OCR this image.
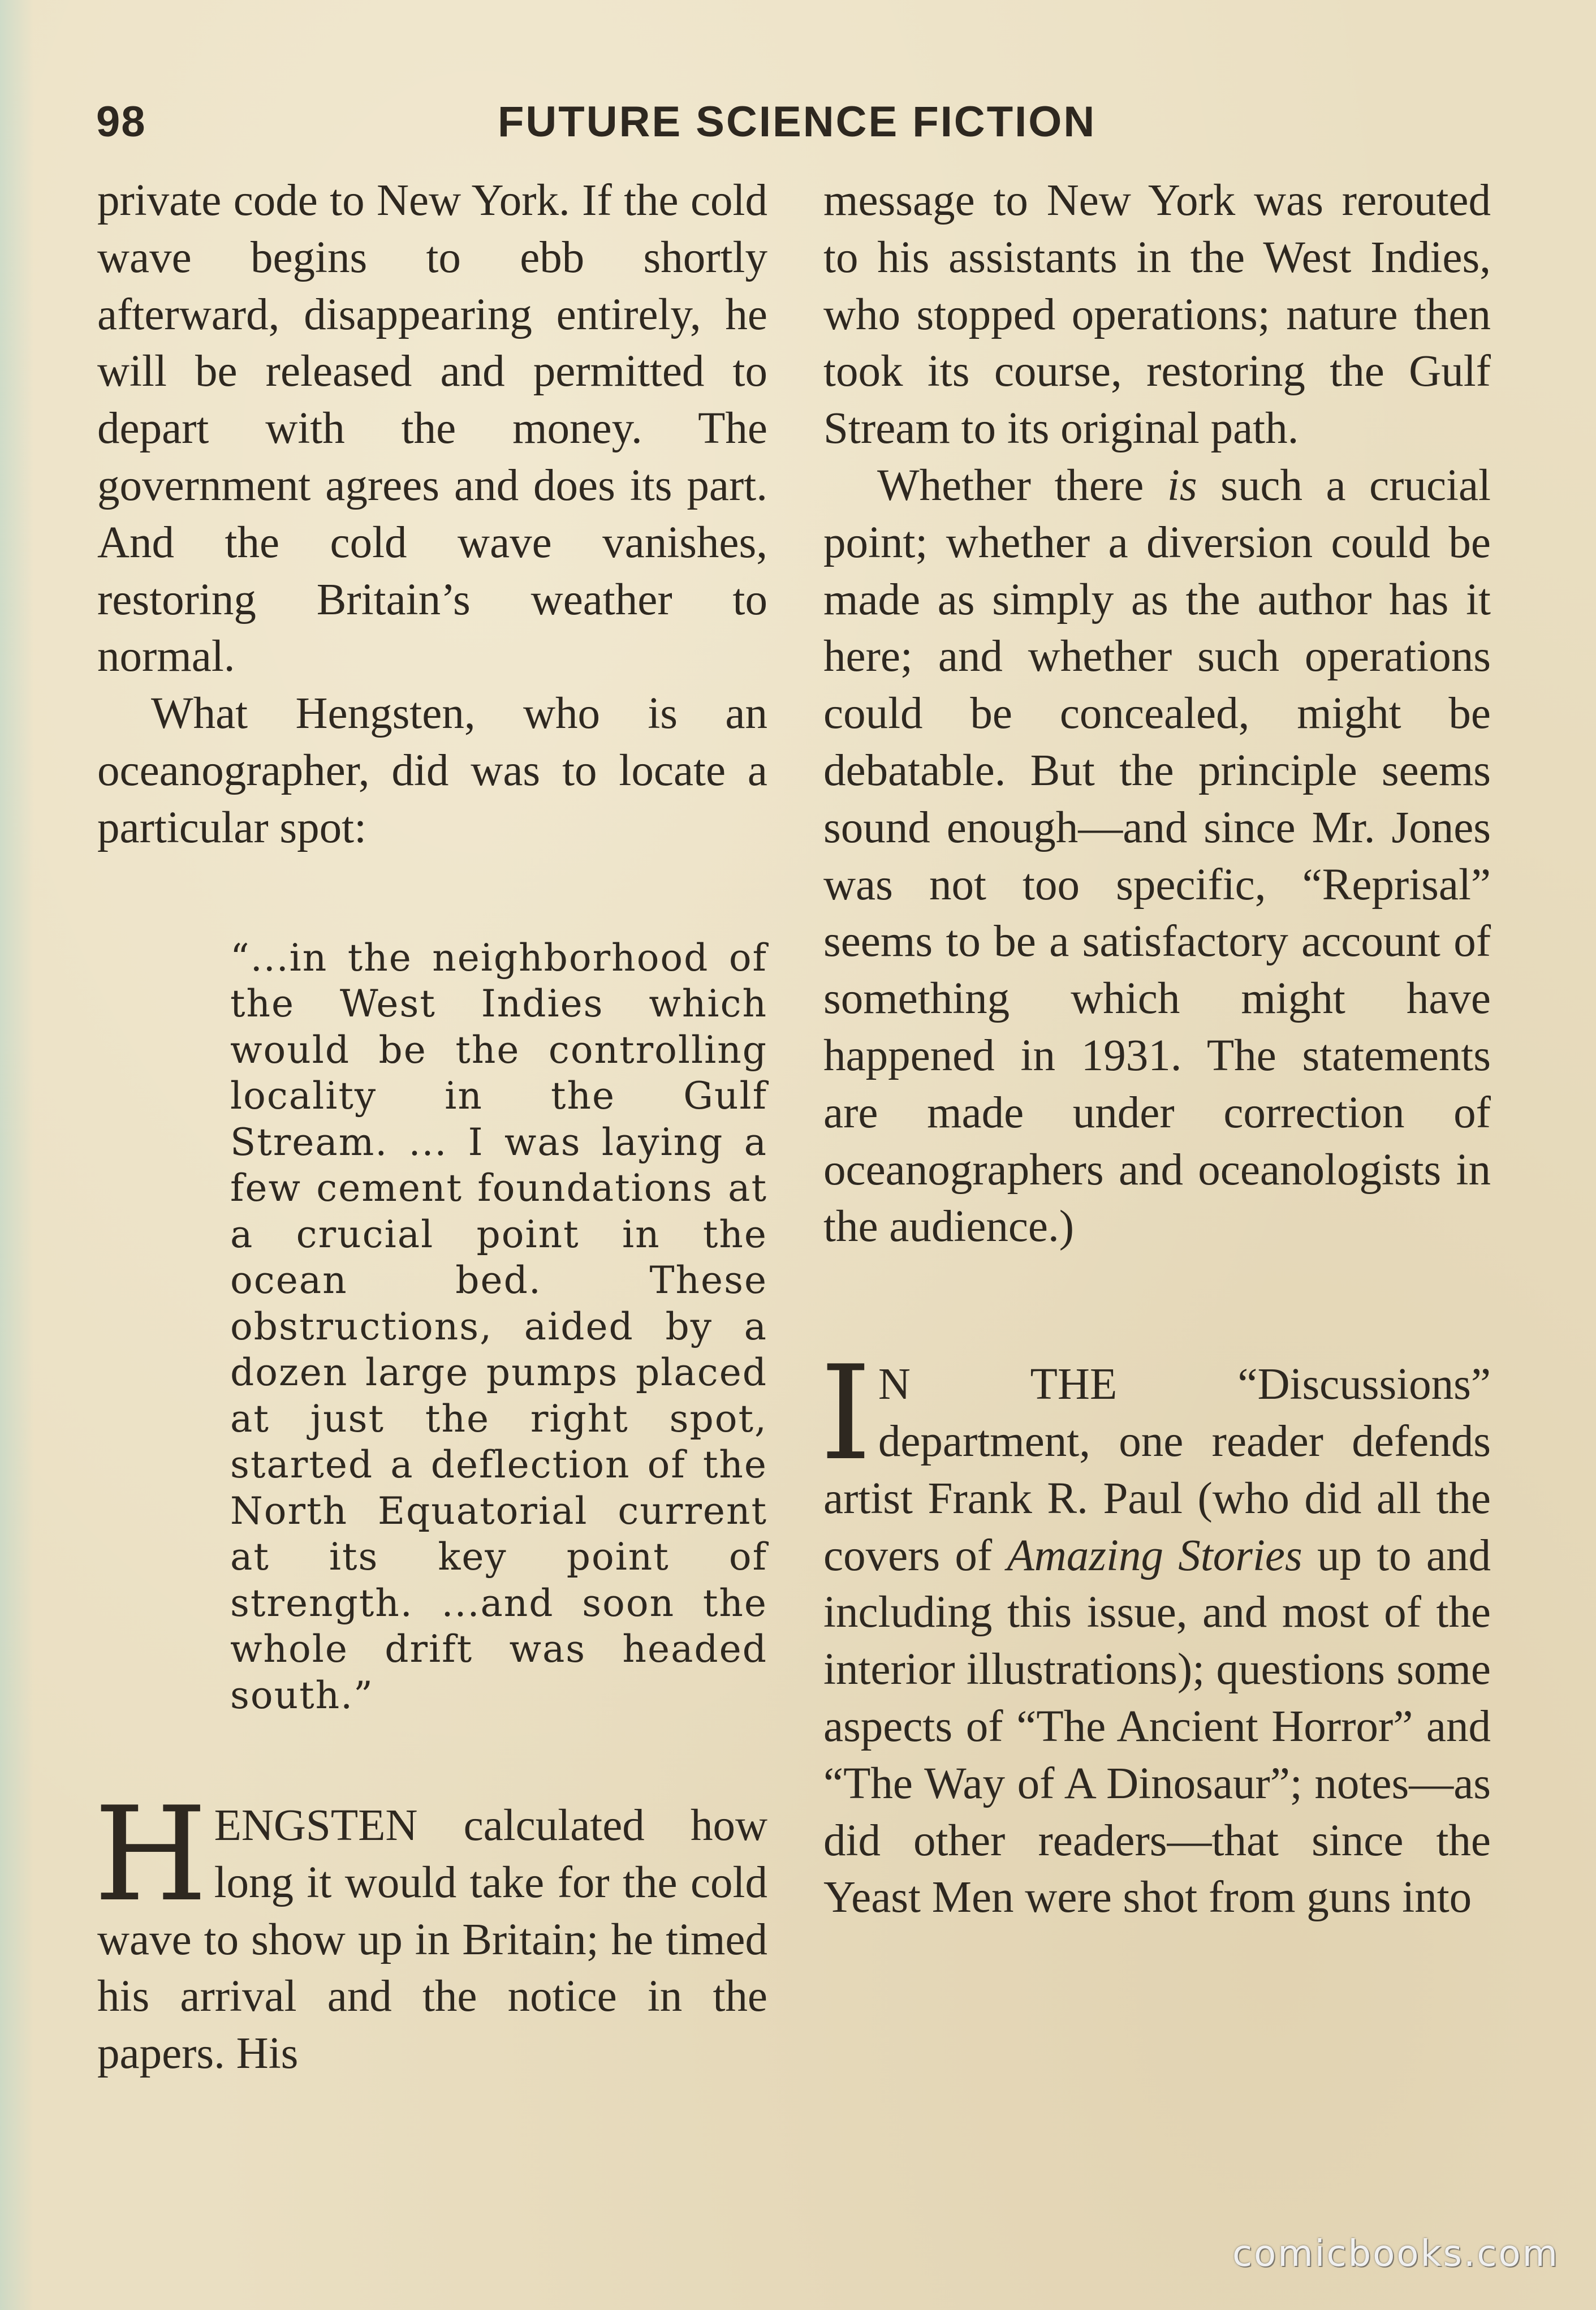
98	FUTURE SCIENCE FICTION

private code to New York. If the cold wave begins to ebb shortly afterward, disappearing entirely, he will be released and permitted to depart with the money. The government agrees and does its part. And the cold wave vanishes, restoring Britain’s weather to normal.

What Hengsten, who is an oceanographer, did was to locate a particular spot:

“...in the neighborhood of the West Indies which would be the controlling locality in the Gulf Stream. ... I was laying a few cement foundations at a crucial point in the ocean bed. These obstructions, aided by a dozen large pumps placed at just the right spot, started a deflection of the North Equatorial current at its key point of strength. ...and soon the whole drift was headed south.”

HENGSTEN calculated how long it would take for the cold wave to show up in Britain; he timed his arrival and the notice in the papers. His

message to New York was rerouted to his assistants in the West Indies, who stopped operations; nature then took its course, restoring the Gulf Stream to its original path.

Whether there is such a crucial point; whether a diversion could be made as simply as the author has it here; and whether such operations could be concealed, might be debatable. But the principle seems sound enough—and since Mr. Jones was not too specific, “Reprisal” seems to be a satisfactory account of something which might have happened in 1931. The statements are made under correction of oceanographers and oceanologists in the audience.)

I N THE “Discussions” department, one reader defends artist Frank R. Paul (who did all the covers of Amazing Stories up to and including this issue, and most of the interior illustrations); questions some aspects of “The Ancient Horror” and “The Way of A Dinosaur”; notes—as did other readers—that since the Yeast Men were shot from guns into

comicbooks.com
